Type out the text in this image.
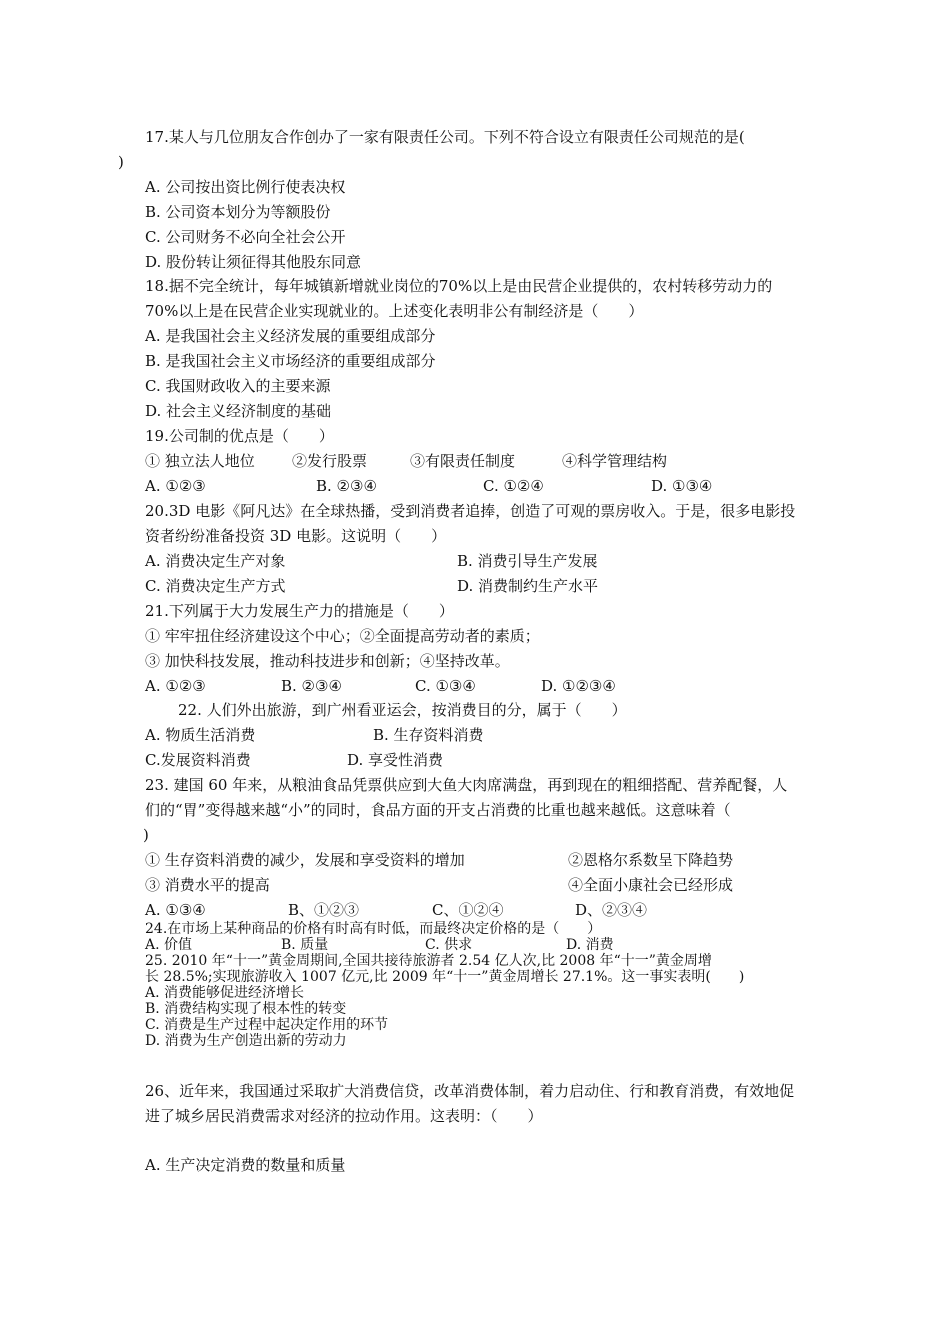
17.某人与几位朋友合作创办了一家有限责任公司。下列不符合设立有限责任公司规范的是(
)
A. 公司按出资比例行使表决权
B. 公司资本划分为等额股份
C. 公司财务不必向全社会公开
D. 股份转让须征得其他股东同意
18.据不完全统计，每年城镇新增就业岗位的70%以上是由民营企业提供的，农村转移劳动力的
70%以上是在民营企业实现就业的。上述变化表明非公有制经济是（　　）
A. 是我国社会主义经济发展的重要组成部分
B. 是我国社会主义市场经济的重要组成部分
C. 我国财政收入的主要来源
D. 社会主义经济制度的基础
19.公司制的优点是（　　）
① 独立法人地位 ②发行股票	③有限责任制度	④科学管理结构
A. ①②③	B. ②③④	C. ①②④	D. ①③④
20.3D 电影《阿凡达》在全球热播，受到消费者追捧，创造了可观的票房收入。于是，很多电影投
资者纷纷准备投资 3D 电影。这说明（　　）
A. 消费决定生产对象	B. 消费引导生产发展
C. 消费决定生产方式	D. 消费制约生产水平
21.下列属于大力发展生产力的措施是（　　）
① 牢牢扭住经济建设这个中心；②全面提高劳动者的素质；
③ 加快科技发展，推动科技进步和创新；④坚持改革。
A. ①②③	B. ②③④	C. ①③④	D. ①②③④
22. 人们外出旅游，到广州看亚运会，按消费目的分，属于（　　）
A. 物质生活消费	B. 生存资料消费
C.发展资料消费	D. 享受性消费
23. 建国 60 年来，从粮油食品凭票供应到大鱼大肉席满盘，再到现在的粗细搭配、营养配餐，人
们的“胃”变得越来越“小”的同时，食品方面的开支占消费的比重也越来越低。这意味着（
)
① 生存资料消费的减少，发展和享受资料的增加	②恩格尔系数呈下降趋势
③ 消费水平的提高	④全面小康社会已经形成
A. ①③④	B、①②③	C、①②④	D、②③④
24.在市场上某种商品的价格有时高有时低，而最终决定价格的是（　　）
A. 价值	B. 质量	C. 供求	D. 消费
25. 2010 年“十一”黄金周期间,全国共接待旅游者 2.54 亿人次,比 2008 年“十一”黄金周增
长 28.5%;实现旅游收入 1007 亿元,比 2009 年“十一”黄金周增长 27.1%。这一事实表明(　　)
A. 消费能够促进经济增长
B. 消费结构实现了根本性的转变
C. 消费是生产过程中起决定作用的环节
D. 消费为生产创造出新的劳动力
26、近年来，我国通过采取扩大消费信贷，改革消费体制，着力启动住、行和教育消费，有效地促
进了城乡居民消费需求对经济的拉动作用。这表明：（　　）
A. 生产决定消费的数量和质量
